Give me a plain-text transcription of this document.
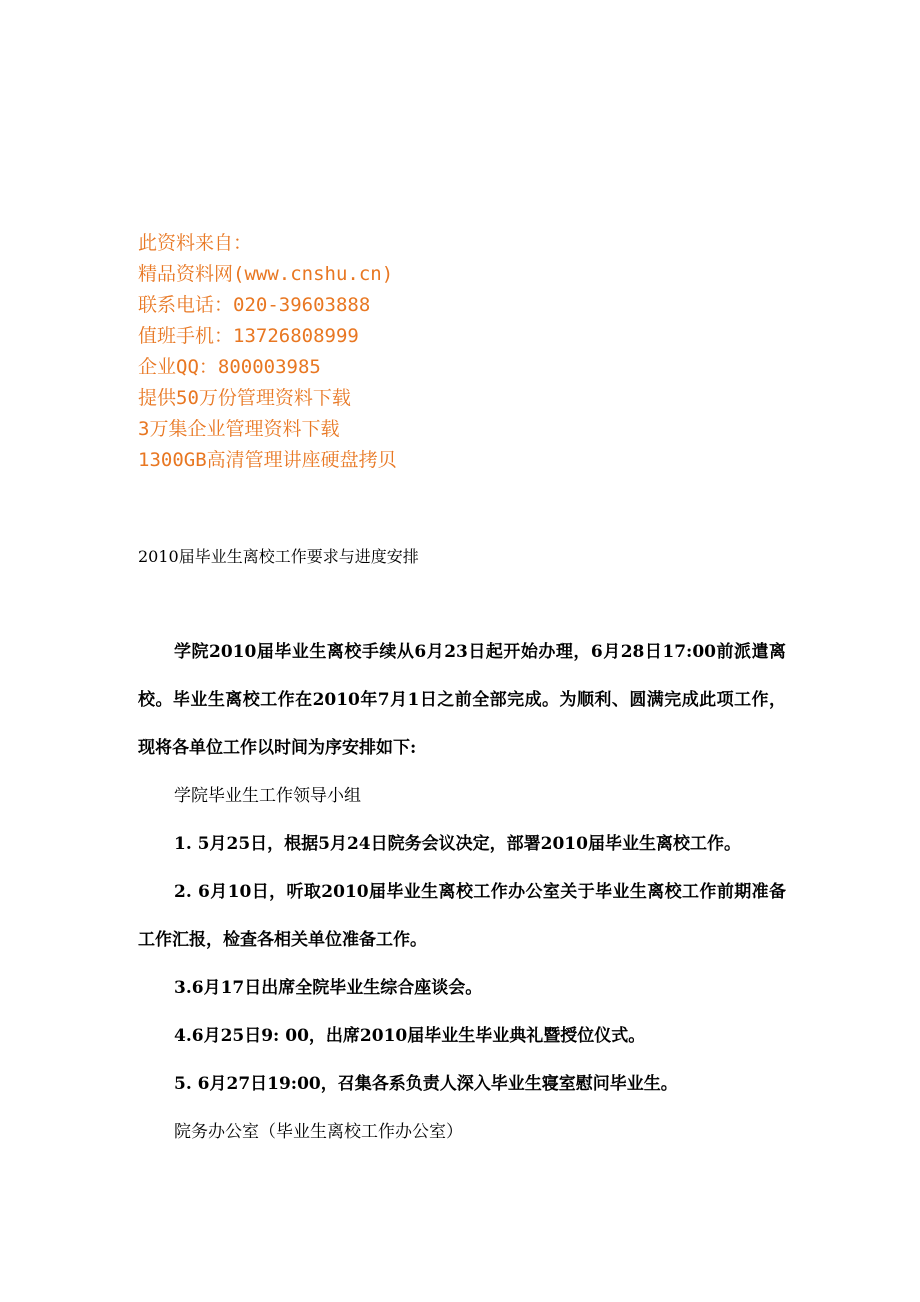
此资料来自：
精品资料网(www.cnshu.cn)
联系电话：020-39603888
值班手机：13726808999
企业QQ：800003985
提供50万份管理资料下载
3万集企业管理资料下载
1300GB高清管理讲座硬盘拷贝
2010届毕业生离校工作要求与进度安排

学院2010届毕业生离校手续从6月23日起开始办理，6月28日17:00前派遣离校。毕业生离校工作在2010年7月1日之前全部完成。为顺利、圆满完成此项工作，现将各单位工作以时间为序安排如下:

学院毕业生工作领导小组

1. 5月25日，根据5月24日院务会议决定，部署2010届毕业生离校工作。

2. 6月10日，听取2010届毕业生离校工作办公室关于毕业生离校工作前期准备工作汇报，检查各相关单位准备工作。

3.6月17日出席全院毕业生综合座谈会。

4.6月25日9: 00，出席2010届毕业生毕业典礼暨授位仪式。

5. 6月27日19:00，召集各系负责人深入毕业生寝室慰问毕业生。

院务办公室（毕业生离校工作办公室）
